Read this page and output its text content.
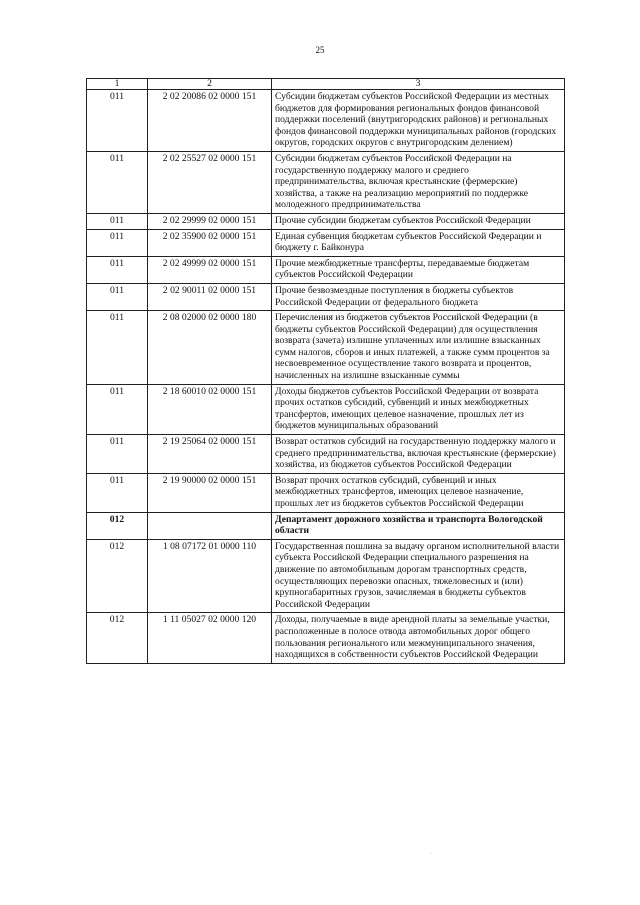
25
1	2	3
011	2 02 20086 02 0000 151	Субсидии бюджетам субъектов Российской Федерации из местных бюджетов для формирования региональных фондов финансовой поддержки поселений (внутригородских районов) и региональных фондов финансовой поддержки муниципальных районов (городских округов, городских округов с внутригородским делением)
011	2 02 25527 02 0000 151	Субсидии бюджетам субъектов Российской Федерации на государственную поддержку малого и среднего предпринимательства, включая крестьянские (фермерские) хозяйства, а также на реализацию мероприятий по поддержке молодежного предпринимательства
011	2 02 29999 02 0000 151	Прочие субсидии бюджетам субъектов Российской Федерации
011	2 02 35900 02 0000 151	Единая субвенция бюджетам субъектов Российской Федерации и бюджету г. Байконура
011	2 02 49999 02 0000 151	Прочие межбюджетные трансферты, передаваемые бюджетам субъектов Российской Федерации
011	2 02 90011 02 0000 151	Прочие безвозмездные поступления в бюджеты субъектов Российской Федерации от федерального бюджета
011	2 08 02000 02 0000 180	Перечисления из бюджетов субъектов Российской Федерации (в бюджеты субъектов Российской Федерации) для осуществления возврата (зачета) излишне уплаченных или излишне взысканных сумм налогов, сборов и иных платежей, а также сумм процентов за несвоевременное осуществление такого возврата и процентов, начисленных на излишне взысканные суммы
011	2 18 60010 02 0000 151	Доходы бюджетов субъектов Российской Федерации от возврата прочих остатков субсидий, субвенций и иных межбюджетных трансфертов, имеющих целевое назначение, прошлых лет из бюджетов муниципальных образований
011	2 19 25064 02 0000 151	Возврат остатков субсидий на государственную поддержку малого и среднего предпринимательства, включая крестьянские (фермерские) хозяйства, из бюджетов субъектов Российской Федерации
011	2 19 90000 02 0000 151	Возврат прочих остатков субсидий, субвенций и иных межбюджетных трансфертов, имеющих целевое назначение, прошлых лет из бюджетов субъектов Российской Федерации
012		Департамент дорожного хозяйства и транспорта Вологодской области
012	1 08 07172 01 0000 110	Государственная пошлина за выдачу органом исполнительной власти субъекта Российской Федерации специального разрешения на движение по автомобильным дорогам транспортных средств, осуществляющих перевозки опасных, тяжеловесных и (или) крупногабаритных грузов, зачисляемая в бюджеты субъектов Российской Федерации
012	1 11 05027 02 0000 120	Доходы, получаемые в виде арендной платы за земельные участки, расположенные в полосе отвода автомобильных дорог общего пользования регионального или межмуниципального значения, находящихся в собственности субъектов Российской Федерации
·
